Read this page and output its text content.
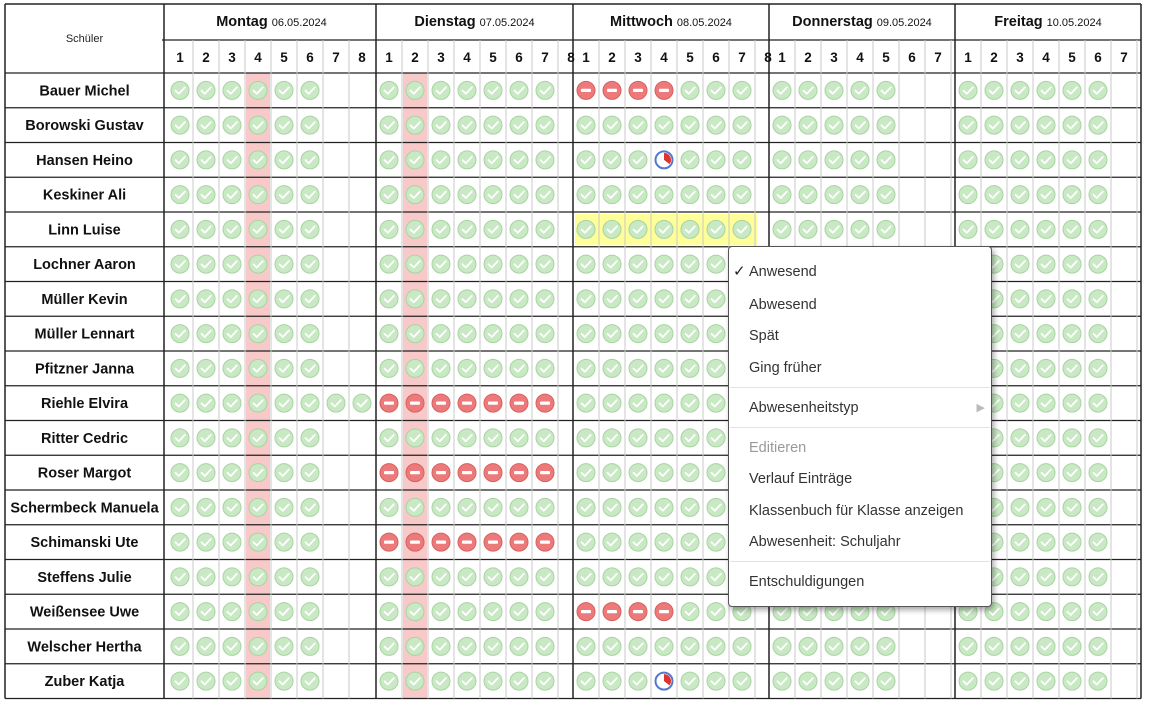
Schüler
Montag 06.05.2024
1 2 3 4 5 6 7 8
Dienstag 07.05.2024
1 2 3 4 5 6 7 8
Mittwoch 08.05.2024
1 2 3 4 5 6 7 8
Donnerstag 09.05.2024
1 2 3 4 5 6 7
Freitag 10.05.2024
1 2 3 4 5 6 7
Bauer Michel
Borowski Gustav
Hansen Heino
Keskiner Ali
Linn Luise
Lochner Aaron
Müller Kevin
Müller Lennart
Pfitzner Janna
Riehle Elvira
Ritter Cedric
Roser Margot
Schermbeck Manuela
Schimanski Ute
Steffens Julie
Weißensee Uwe
Welscher Hertha
Zuber Katja
✓ Anwesend
Abwesend
Spät
Ging früher
Abwesenheitstyp	▶
Editieren
Verlauf Einträge
Klassenbuch für Klasse anzeigen
Abwesenheit: Schuljahr
Entschuldigungen
